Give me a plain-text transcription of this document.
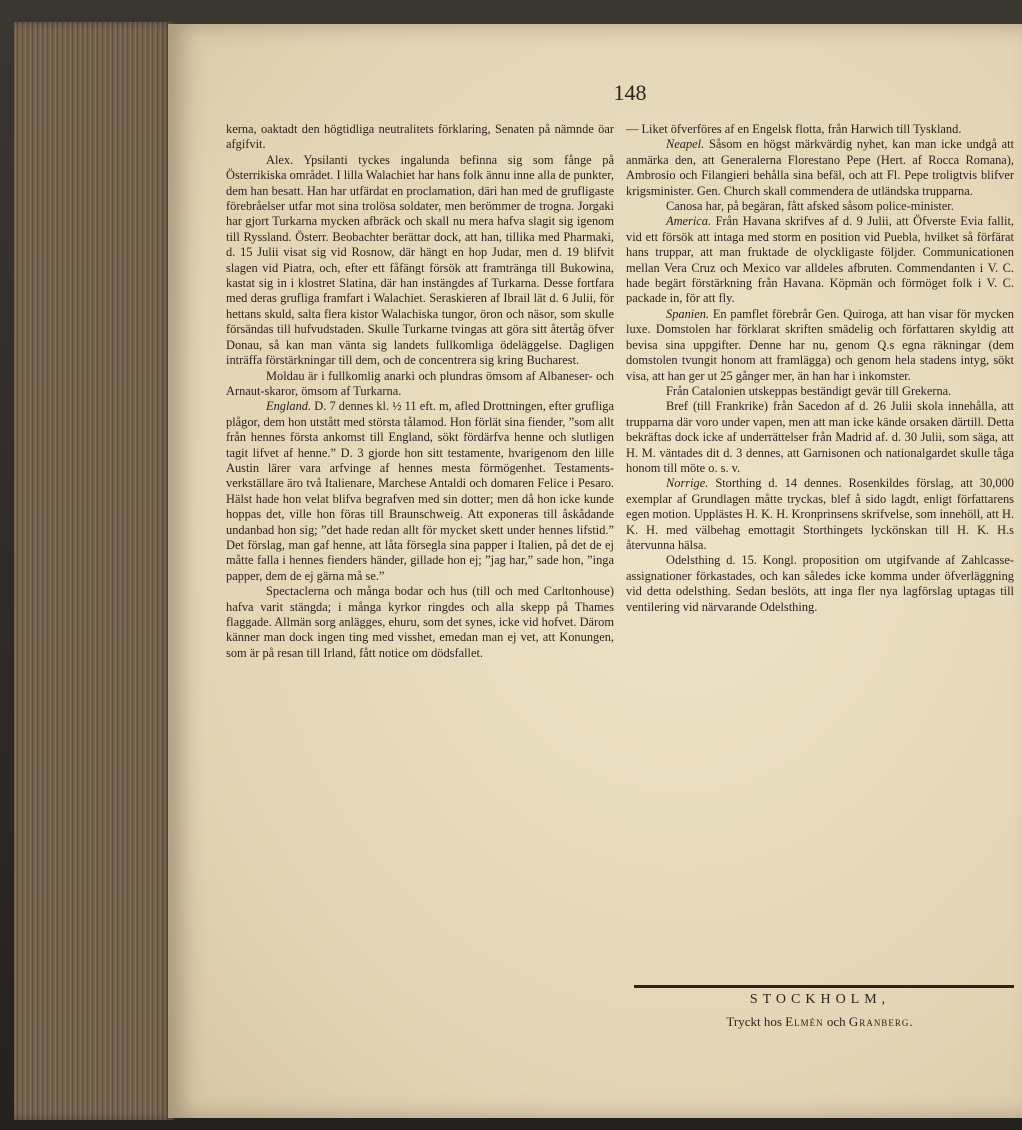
148

kerna, oaktadt den högtidliga neutralitets förklaring, Senaten på nämnde öar afgifvit.

Alex. Ypsilanti tyckes ingalunda befinna sig som fånge på Österrikiska området. I lilla Walachiet har hans folk ännu inne alla de punkter, dem han besatt. Han har utfärdat en proclamation, däri han med de grufligaste förebråelser utfar mot sina trolösa soldater, men berömmer de trogna. Jorgaki har gjort Turkarna mycken afbräck och skall nu mera hafva slagit sig igenom till Ryssland. Österr. Beobachter berättar dock, att han, tillika med Pharmaki, d. 15 Julii visat sig vid Rosnow, där hängt en hop Judar, men d. 19 blifvit slagen vid Piatra, och, efter ett fåfängt försök att framtränga till Bukowina, kastat sig in i klostret Slatina, där han instängdes af Turkarna. Desse fortfara med deras grufliga framfart i Walachiet. Seraskieren af Ibrail lät d. 6 Julii, för hettans skuld, salta flera kistor Walachiska tungor, öron och näsor, som skulle försändas till hufvudstaden. Skulle Turkarne tvingas att göra sitt återtåg öfver Donau, så kan man vänta sig landets fullkomliga ödeläggelse. Dagligen inträffa förstärkningar till dem, och de concentrera sig kring Bucharest.

Moldau är i fullkomlig anarki och plundras ömsom af Albaneser- och Arnaut-skaror, ömsom af Turkarna.

England. D. 7 dennes kl. ½ 11 eft. m, afled Drottningen, efter grufliga plågor, dem hon utstått med största tålamod. Hon förlät sina fiender, ”som allt från hennes första ankomst till England, sökt fördärfva henne och slutligen tagit lifvet af henne.” D. 3 gjorde hon sitt testamente, hvarigenom den lille Austin lärer vara arfvinge af hennes mesta förmögenhet. Testaments-verkställare äro två Italienare, Marchese Antaldi och domaren Felice i Pesaro. Hälst hade hon velat blifva begrafven med sin dotter; men då hon icke kunde hoppas det, ville hon föras till Braunschweig. Att exponeras till åskådande undanbad hon sig; ”det hade redan allt för mycket skett under hennes lifstid.” Det förslag, man gaf henne, att låta försegla sina papper i Italien, på det de ej måtte falla i hennes fienders händer, gillade hon ej; ”jag har,” sade hon, ”inga papper, dem de ej gärna må se.”

Spectaclerna och många bodar och hus (till och med Carltonhouse) hafva varit stängda; i många kyrkor ringdes och alla skepp på Thames flaggade. Allmän sorg anlägges, ehuru, som det synes, icke vid hofvet. Därom känner man dock ingen ting med visshet, emedan man ej vet, att Konungen, som är på resan till Irland, fått notice om dödsfallet.

— Liket öfverföres af en Engelsk flotta, från Harwich till Tyskland.

Neapel. Såsom en högst märkvärdig nyhet, kan man icke undgå att anmärka den, att Generalerna Florestano Pepe (Hert. af Rocca Romana), Ambrosio och Filangieri behålla sina befäl, och att Fl. Pepe troligtvis blifver krigsminister. Gen. Church skall commendera de utländska trupparna.

Canosa har, på begäran, fått afsked såsom police-minister.

America. Från Havana skrifves af d. 9 Julii, att Öfverste Evia fallit, vid ett försök att intaga med storm en position vid Puebla, hvilket så förfärat hans truppar, att man fruktade de olyckligaste följder. Communicationen mellan Vera Cruz och Mexico var alldeles afbruten. Commendanten i V. C. hade begärt förstärkning från Havana. Köpmän och förmöget folk i V. C. packade in, för att fly.

Spanien. En pamflet förebrår Gen. Quiroga, att han visar för mycken luxe. Domstolen har förklarat skriften smädelig och författaren skyldig att bevisa sina uppgifter. Denne har nu, genom Q.s egna räkningar (dem domstolen tvungit honom att framlägga) och genom hela stadens intyg, sökt visa, att han ger ut 25 gånger mer, än han har i inkomster.

Från Catalonien utskeppas beständigt gevär till Grekerna.

Bref (till Frankrike) från Sacedon af d. 26 Julii skola innehålla, att trupparna där voro under vapen, men att man icke kände orsaken därtill. Detta bekräftas dock icke af underrättelser från Madrid af. d. 30 Julii, som säga, att H. M. väntades dit d. 3 dennes, att Garnisonen och nationalgardet skulle tåga honom till möte o. s. v.

Norrige. Storthing d. 14 dennes. Rosenkildes förslag, att 30,000 exemplar af Grundlagen måtte tryckas, blef å sido lagdt, enligt författarens egen motion. Upplästes H. K. H. Kronprinsens skrifvelse, som innehöll, att H. K. H. med välbehag emottagit Storthingets lyckönskan till H. K. H.s återvunna hälsa.

Odelsthing d. 15. Kongl. proposition om utgifvande af Zahlcasse-assignationer förkastades, och kan således icke komma under öfverläggning vid detta odelsthing. Sedan beslöts, att inga fler nya lagförslag uptagas till ventilering vid närvarande Odelsthing.

STOCKHOLM,
Tryckt hos Elmén och Granberg.
